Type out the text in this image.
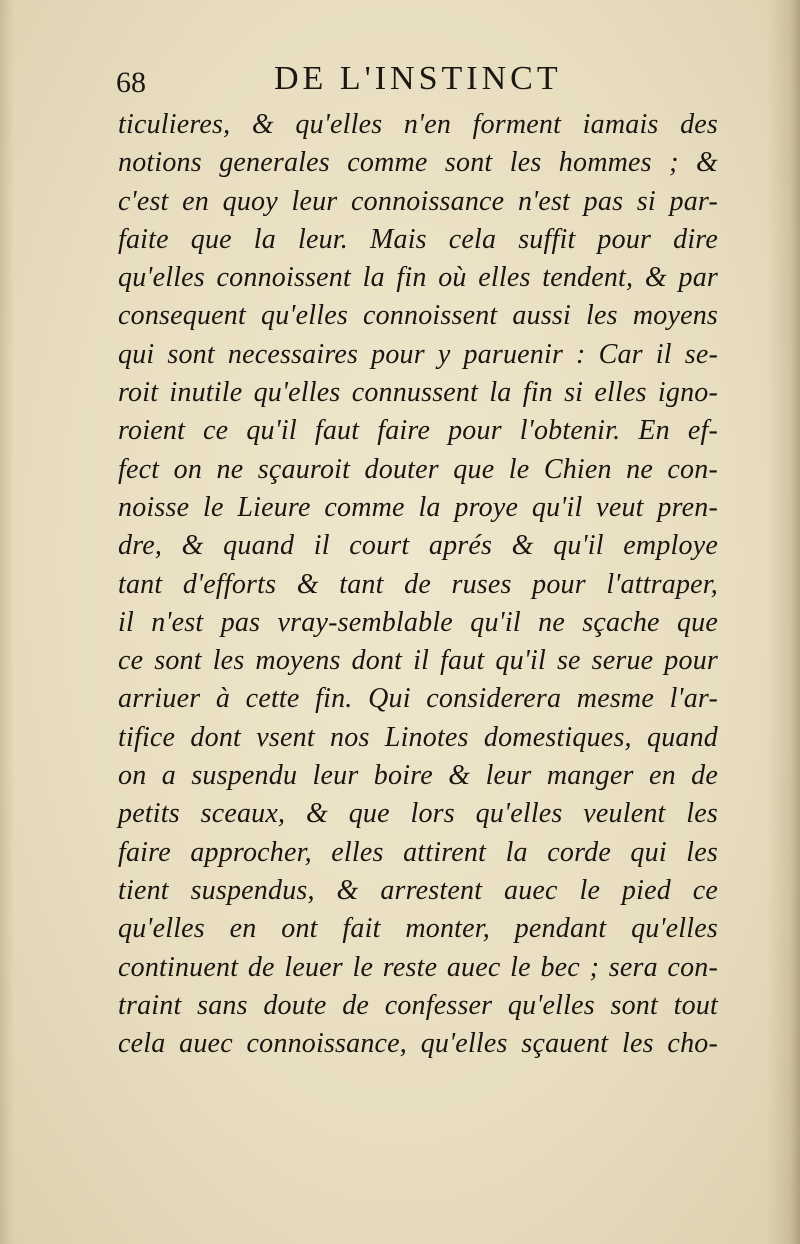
68	DE L'INSTINCT
ticulieres, & qu'elles n'en forment iamais des
notions generales comme sont les hommes ; &
c'est en quoy leur connoissance n'est pas si par-
faite que la leur. Mais cela suffit pour dire
qu'elles connoissent la fin où elles tendent, & par
consequent qu'elles connoissent aussi les moyens
qui sont necessaires pour y paruenir : Car il se-
roit inutile qu'elles connussent la fin si elles igno-
roient ce qu'il faut faire pour l'obtenir. En ef-
fect on ne sçauroit douter que le Chien ne con-
noisse le Lieure comme la proye qu'il veut pren-
dre, & quand il court aprés & qu'il employe
tant d'efforts & tant de ruses pour l'attraper,
il n'est pas vray-semblable qu'il ne sçache que
ce sont les moyens dont il faut qu'il se serue pour
arriuer à cette fin. Qui considerera mesme l'ar-
tifice dont vsent nos Linotes domestiques, quand
on a suspendu leur boire & leur manger en de
petits sceaux, & que lors qu'elles veulent les
faire approcher, elles attirent la corde qui les
tient suspendus, & arrestent auec le pied ce
qu'elles en ont fait monter, pendant qu'elles
continuent de leuer le reste auec le bec ; sera con-
traint sans doute de confesser qu'elles sont tout
cela auec connoissance, qu'elles sçauent les cho-
